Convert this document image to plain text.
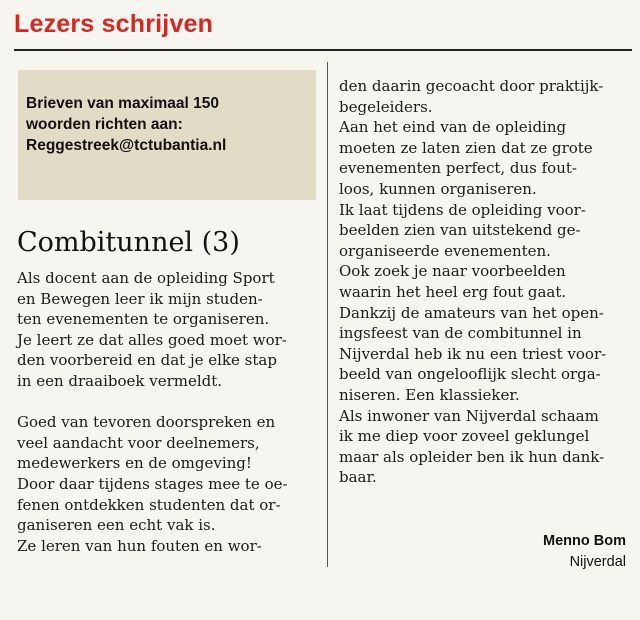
Lezers schrijven
Brieven van maximaal 150
woorden richten aan:
Reggestreek@tctubantia.nl
Combitunnel (3)
Als docent aan de opleiding Sport
en Bewegen leer ik mijn studen-
ten evenementen te organiseren.
Je leert ze dat alles goed moet wor-
den voorbereid en dat je elke stap
in een draaiboek vermeldt.
Goed van tevoren doorspreken en
veel aandacht voor deelnemers,
medewerkers en de omgeving!
Door daar tijdens stages mee te oe-
fenen ontdekken studenten dat or-
ganiseren een echt vak is.
Ze leren van hun fouten en wor-
den daarin gecoacht door praktijk-
begeleiders.
Aan het eind van de opleiding
moeten ze laten zien dat ze grote
evenementen perfect, dus fout-
loos, kunnen organiseren.
Ik laat tijdens de opleiding voor-
beelden zien van uitstekend ge-
organiseerde evenementen.
Ook zoek je naar voorbeelden
waarin het heel erg fout gaat.
Dankzij de amateurs van het open-
ingsfeest van de combitunnel in
Nijverdal heb ik nu een triest voor-
beeld van ongelooflijk slecht orga-
niseren. Een klassieker.
Als inwoner van Nijverdal schaam
ik me diep voor zoveel geklungel
maar als opleider ben ik hun dank-
baar.
Menno Bom
Nijverdal
